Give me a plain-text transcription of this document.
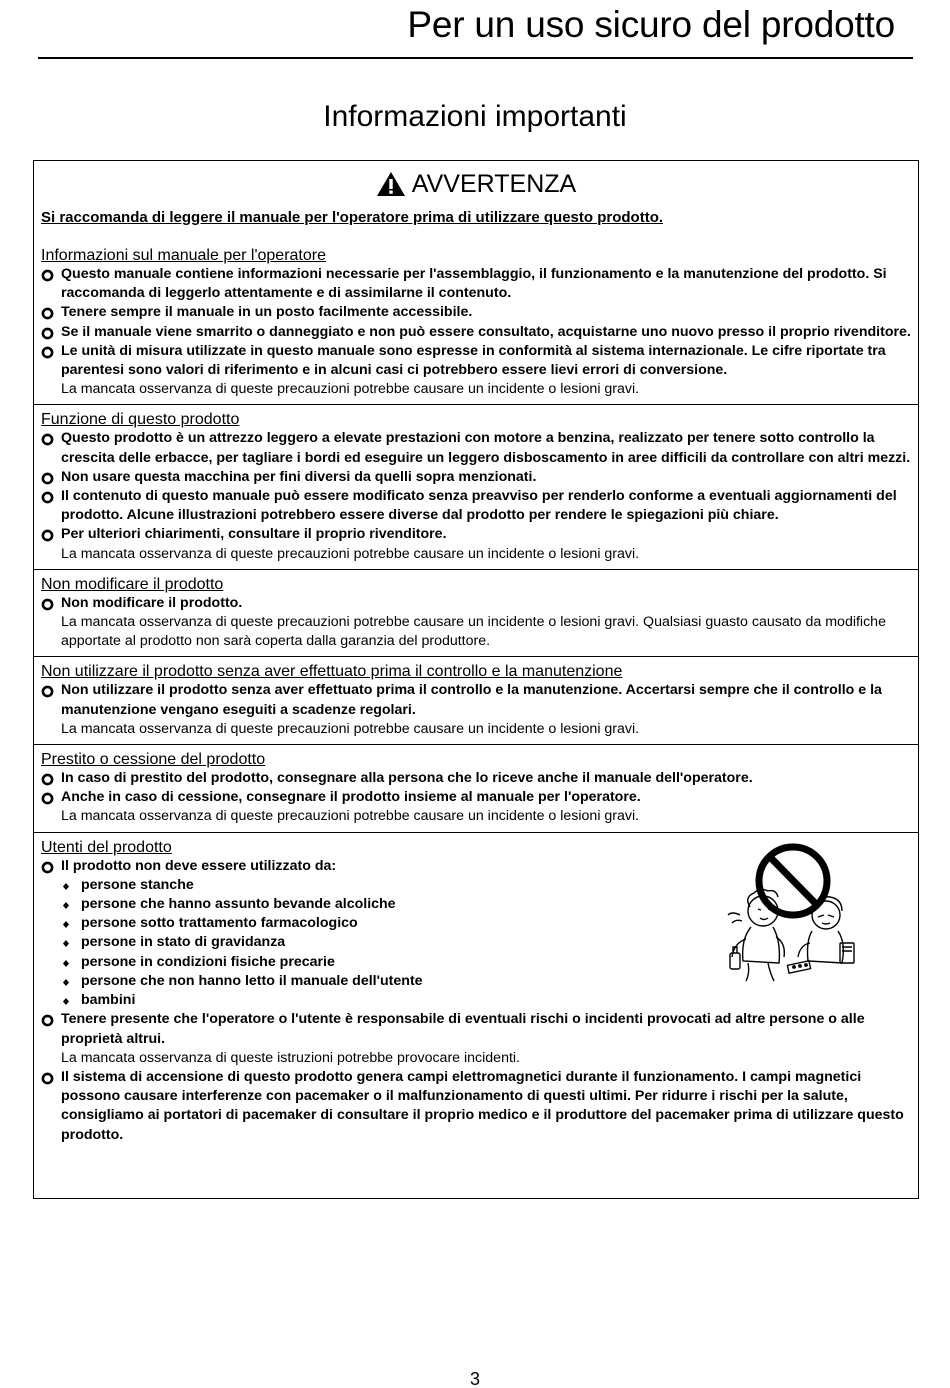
Per un uso sicuro del prodotto
Informazioni importanti
AVVERTENZA
Si raccomanda di leggere il manuale per l'operatore prima di utilizzare questo prodotto.
Informazioni sul manuale per l'operatore
Questo manuale contiene informazioni necessarie per l'assemblaggio, il funzionamento e la manutenzione del prodotto. Si raccomanda di leggerlo attentamente e di assimilarne il contenuto.
Tenere sempre il manuale in un posto facilmente accessibile.
Se il manuale viene smarrito o danneggiato e non può essere consultato, acquistarne uno nuovo presso il proprio rivenditore.
Le unità di misura utilizzate in questo manuale sono espresse in conformità al sistema internazionale. Le cifre riportate tra parentesi sono valori di riferimento e in alcuni casi ci potrebbero essere lievi errori di conversione.
La mancata osservanza di queste precauzioni potrebbe causare un incidente o lesioni gravi.
Funzione di questo prodotto
Questo prodotto è un attrezzo leggero a elevate prestazioni con motore a benzina, realizzato per tenere sotto controllo la crescita delle erbacce, per tagliare i bordi ed eseguire un leggero disboscamento in aree difficili da controllare con altri mezzi.
Non usare questa macchina per fini diversi da quelli sopra menzionati.
Il contenuto di questo manuale può essere modificato senza preavviso per renderlo conforme a eventuali aggiornamenti del prodotto. Alcune illustrazioni potrebbero essere diverse dal prodotto per rendere le spiegazioni più chiare.
Per ulteriori chiarimenti, consultare il proprio rivenditore.
La mancata osservanza di queste precauzioni potrebbe causare un incidente o lesioni gravi.
Non modificare il prodotto
Non modificare il prodotto.
La mancata osservanza di queste precauzioni potrebbe causare un incidente o lesioni gravi. Qualsiasi guasto causato da modifiche apportate al prodotto non sarà coperta dalla garanzia del produttore.
Non utilizzare il prodotto senza aver effettuato prima il controllo e la manutenzione
Non utilizzare il prodotto senza aver effettuato prima il controllo e la manutenzione. Accertarsi sempre che il controllo e la manutenzione vengano eseguiti a scadenze regolari.
La mancata osservanza di queste precauzioni potrebbe causare un incidente o lesioni gravi.
Prestito o cessione del prodotto
In caso di prestito del prodotto, consegnare alla persona che lo riceve anche il manuale dell'operatore.
Anche in caso di cessione, consegnare il prodotto insieme al manuale per l'operatore.
La mancata osservanza di queste precauzioni potrebbe causare un incidente o lesioni gravi.
Utenti del prodotto
Il prodotto non deve essere utilizzato da:
persone stanche
persone che hanno assunto bevande alcoliche
persone sotto trattamento farmacologico
persone in stato di gravidanza
persone in condizioni fisiche precarie
persone che non hanno letto il manuale dell'utente
bambini
Tenere presente che l'operatore o l'utente è responsabile di eventuali rischi o incidenti provocati ad altre persone o alle proprietà altrui.
La mancata osservanza di queste istruzioni potrebbe provocare incidenti.
Il sistema di accensione di questo prodotto genera campi elettromagnetici durante il funzionamento. I campi magnetici possono causare interferenze con pacemaker o il malfunzionamento di questi ultimi. Per ridurre i rischi per la salute, consigliamo ai portatori di pacemaker di consultare il proprio medico e il produttore del pacemaker prima di utilizzare questo prodotto.
3
